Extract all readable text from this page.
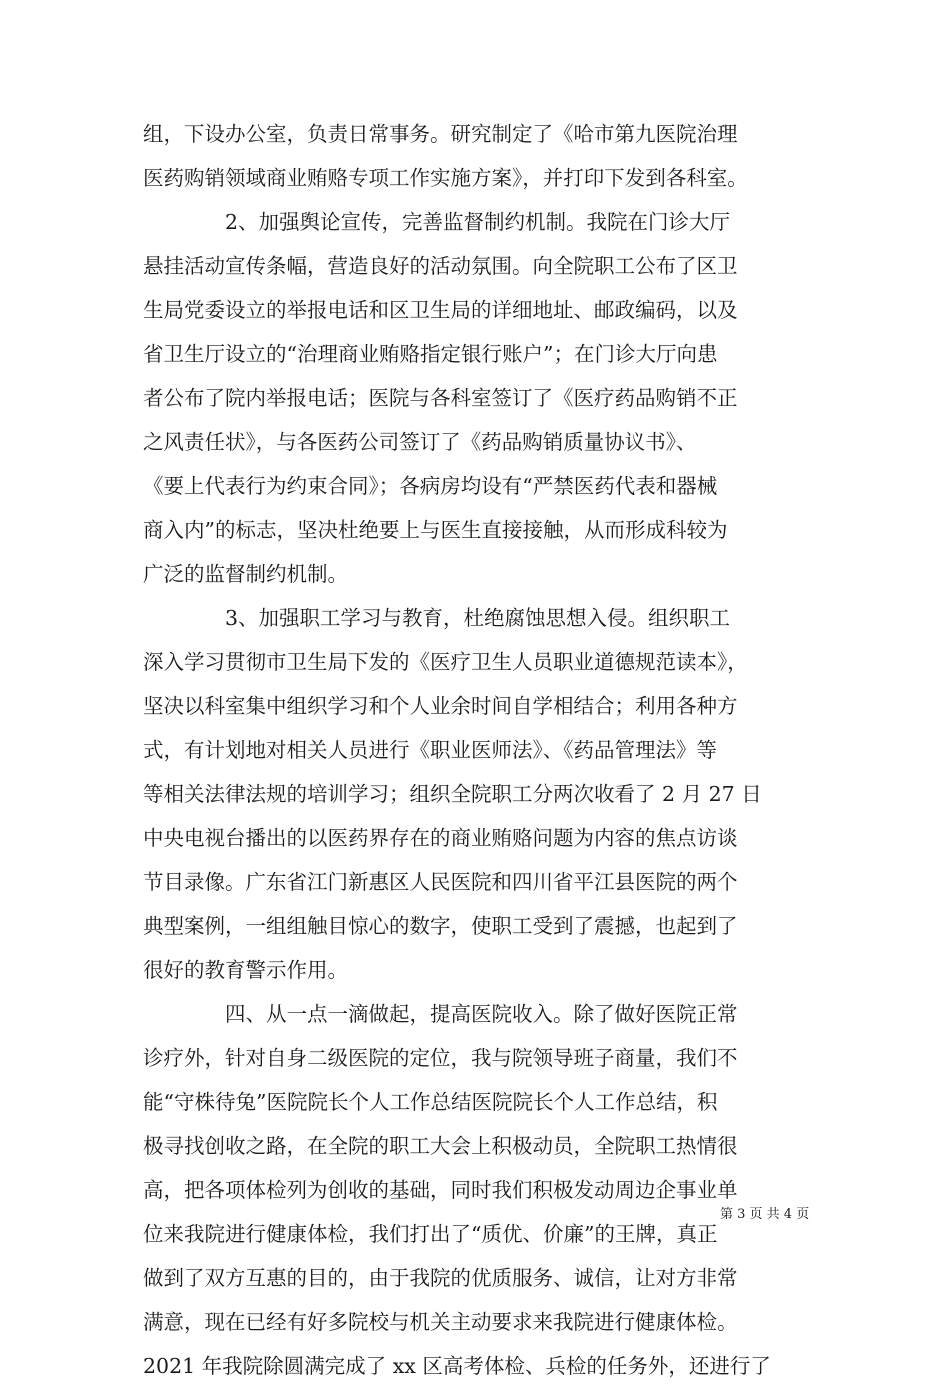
组，下设办公室，负责日常事务。研究制定了《哈市第九医院治理
医药购销领域商业贿赂专项工作实施方案》，并打印下发到各科室。
2、加强舆论宣传，完善监督制约机制。我院在门诊大厅
悬挂活动宣传条幅，营造良好的活动氛围。向全院职工公布了区卫
生局党委设立的举报电话和区卫生局的详细地址、邮政编码，以及
省卫生厅设立的“治理商业贿赂指定银行账户”；在门诊大厅向患
者公布了院内举报电话；医院与各科室签订了《医疗药品购销不正
之风责任状》，与各医药公司签订了《药品购销质量协议书》、
《要上代表行为约束合同》；各病房均设有“严禁医药代表和器械
商入内”的标志，坚决杜绝要上与医生直接接触，从而形成科较为
广泛的监督制约机制。
3、加强职工学习与教育，杜绝腐蚀思想入侵。组织职工
深入学习贯彻市卫生局下发的《医疗卫生人员职业道德规范读本》，
坚决以科室集中组织学习和个人业余时间自学相结合；利用各种方
式，有计划地对相关人员进行《职业医师法》、《药品管理法》等
等相关法律法规的培训学习；组织全院职工分两次收看了 2 月 27 日
中央电视台播出的以医药界存在的商业贿赂问题为内容的焦点访谈
节目录像。广东省江门新惠区人民医院和四川省平江县医院的两个
典型案例，一组组触目惊心的数字，使职工受到了震撼，也起到了
很好的教育警示作用。
四、从一点一滴做起，提高医院收入。除了做好医院正常
诊疗外，针对自身二级医院的定位，我与院领导班子商量，我们不
能“守株待兔”医院院长个人工作总结医院院长个人工作总结，积
极寻找创收之路，在全院的职工大会上积极动员，全院职工热情很
高，把各项体检列为创收的基础，同时我们积极发动周边企事业单
位来我院进行健康体检，我们打出了“质优、价廉”的王牌，真正
做到了双方互惠的目的，由于我院的优质服务、诚信，让对方非常
满意，现在已经有好多院校与机关主动要求来我院进行健康体检。
2021 年我院除圆满完成了 xx 区高考体检、兵检的任务外，还进行了
第 3 页 共 4 页
